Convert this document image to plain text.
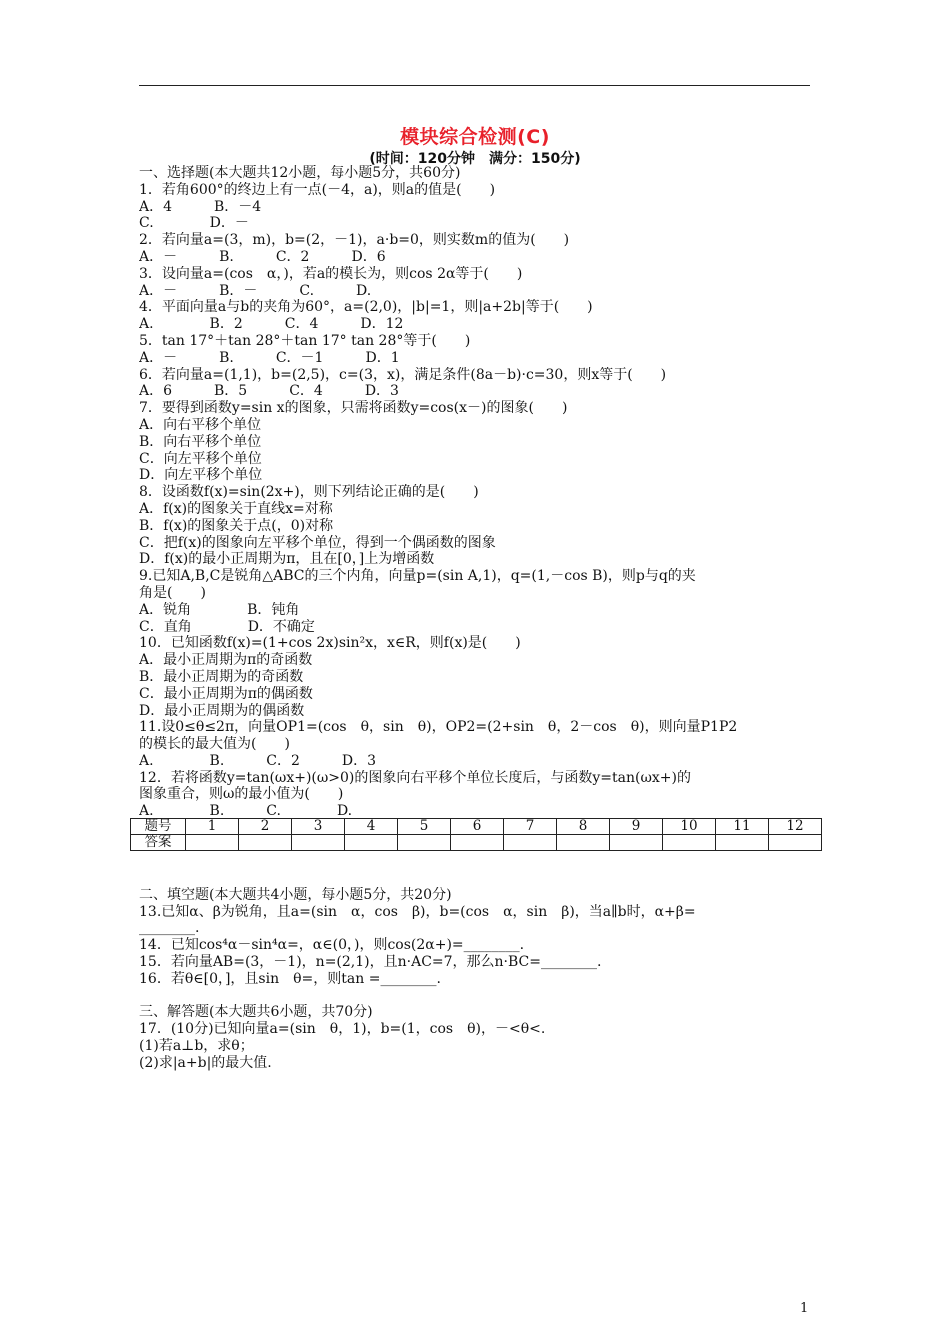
模块综合检测(C)
(时间：120分钟　满分：150分)
一、选择题(本大题共12小题，每小题5分，共60分)
1．若角600°的终边上有一点(－4，a)，则a的值是(　　)
A．4　　　B．－4
C.　　　　D．－
2．若向量a=(3，m)，b=(2，－1)，a·b=0，则实数m的值为(　　)
A．－　　　B.　　　C．2　　　D．6
3．设向量a=(cos　α，)，若a的模长为，则cos 2α等于(　　)
A．－　　　B．－　　　C.　　　D.
4．平面向量a与b的夹角为60°，a=(2,0)，|b|=1，则|a+2b|等于(　　)
A.　　　　B．2　　　C．4　　　D．12
5．tan 17°＋tan 28°＋tan 17° tan 28°等于(　　)
A．－　　　B.　　　C．－1　　　D．1
6．若向量a=(1,1)，b=(2,5)，c=(3，x)，满足条件(8a－b)·c=30，则x等于(　　)
A．6　　　B．5　　　C．4　　　D．3
7．要得到函数y=sin x的图象，只需将函数y=cos(x－)的图象(　　)
A．向右平移个单位
B．向右平移个单位
C．向左平移个单位
D．向左平移个单位
8．设函数f(x)=sin(2x+)，则下列结论正确的是(　　)
A．f(x)的图象关于直线x=对称
B．f(x)的图象关于点(，0)对称
C．把f(x)的图象向左平移个单位，得到一个偶函数的图象
D．f(x)的最小正周期为π，且在[0，]上为增函数
9.已知A,B,C是锐角△ABC的三个内角，向量p=(sin A,1)，q=(1,－cos B)，则p与q的夹
角是(　　)
A．锐角　　　　B．钝角
C．直角　　　　D．不确定
10．已知函数f(x)=(1+cos 2x)sin²x，x∈R，则f(x)是(　　)
A．最小正周期为π的奇函数
B．最小正周期为的奇函数
C．最小正周期为π的偶函数
D．最小正周期为的偶函数
11.设0≤θ≤2π，向量OP1=(cos　θ，sin　θ)，OP2=(2+sin　θ，2－cos　θ)，则向量P1P2
的模长的最大值为(　　)
A.　　　　B.　　　C．2　　　D．3
12．若将函数y=tan(ωx+)(ω>0)的图象向右平移个单位长度后，与函数y=tan(ωx+)的
图象重合，则ω的最小值为(　　)
A.　　　　B.　　　C.　　　　D.
题号	1	2	3	4	5	6	7	8	9	10	11	12
答案												
二、填空题(本大题共4小题，每小题5分，共20分)
13.已知α、β为锐角，且a=(sin　α，cos　β)，b=(cos　α，sin　β)，当a∥b时，α+β=
________.
14．已知cos⁴α－sin⁴α=，α∈(0，)，则cos(2α+)=________.
15．若向量AB=(3，－1)，n=(2,1)，且n·AC=7，那么n·BC=________.
16．若θ∈[0，]，且sin　θ=，则tan =________.
三、解答题(本大题共6小题，共70分)
17．(10分)已知向量a=(sin　θ，1)，b=(1，cos　θ)，－<θ<.
(1)若a⊥b，求θ；
(2)求|a+b|的最大值.
1
